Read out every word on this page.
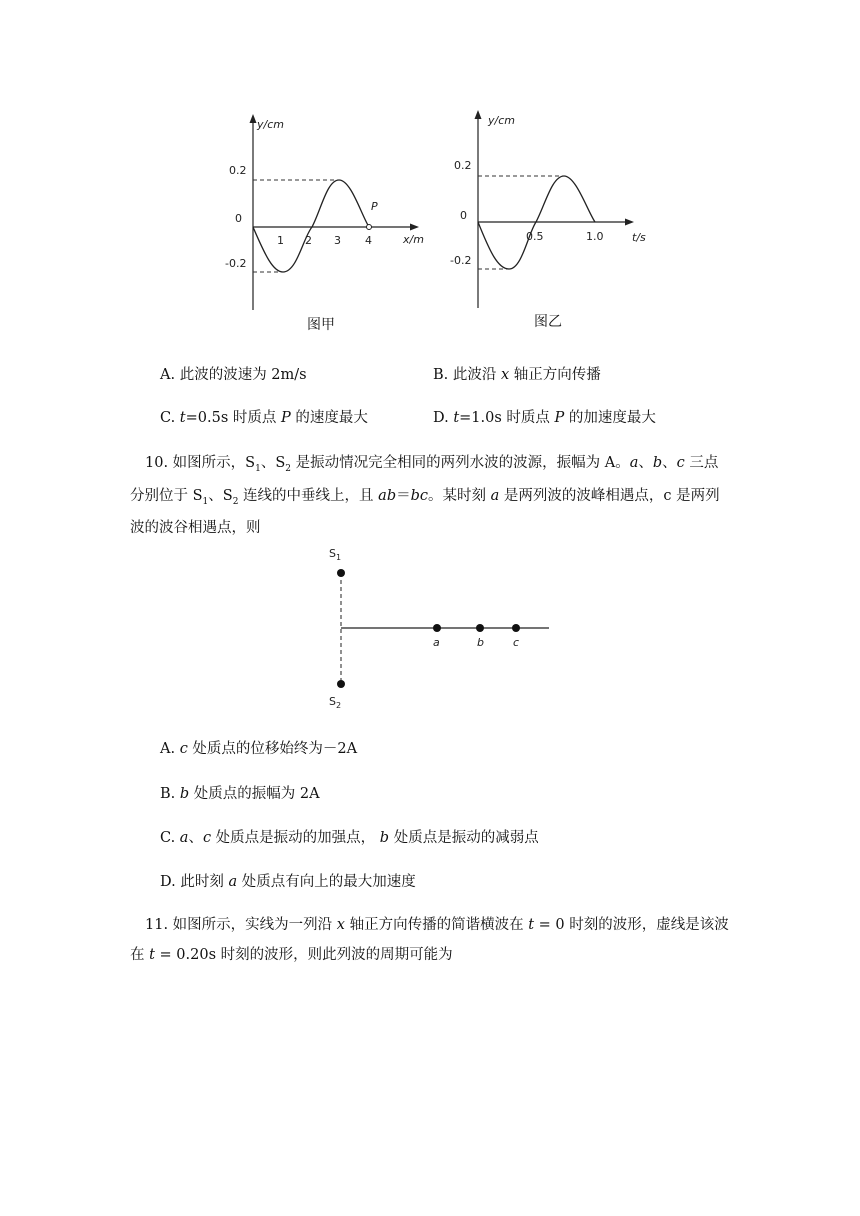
y/cm
x/m
0.2
0
-0.2
1 2 3 4
P
图甲
y/cm
t/s
0.2
0
-0.2
0.5	1.0
图乙
A. 此波的波速为 2m/s	B. 此波沿 x 轴正方向传播
C. t=0.5s 时质点 P 的速度最大	D. t=1.0s 时质点 P 的加速度最大
10. 如图所示，$S_1$、$S_2$ 是振动情况完全相同的两列水波的波源，振幅为 A。a、b、c 三点
分别位于 $S_1$、$S_2$ 连线的中垂线上，且 ab＝bc。某时刻 a 是两列波的波峰相遇点，c 是两列
波的波谷相遇点，则
$S_1$
$S_2$
a	b	c
A. c 处质点的位移始终为－2A
B. b 处质点的振幅为 2A
C. a、c 处质点是振动的加强点， b 处质点是振动的减弱点
D. 此时刻 a 处质点有向上的最大加速度
11. 如图所示，实线为一列沿 x 轴正方向传播的简谐横波在 t = 0 时刻的波形，虚线是该波
在 t = 0.20s 时刻的波形，则此列波的周期可能为
